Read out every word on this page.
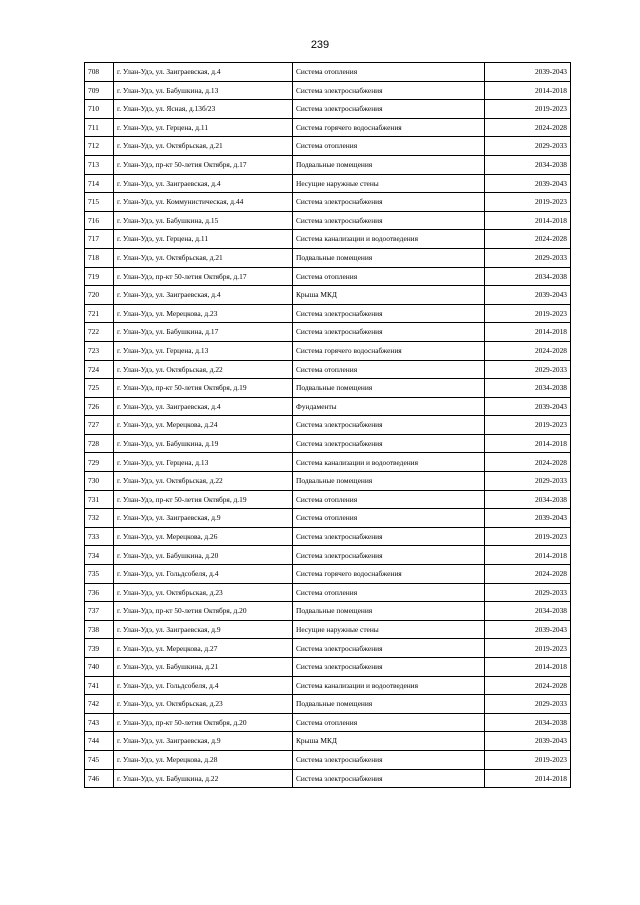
239
708	г. Улан-Удэ, ул. Заиграевская, д.4	Система отопления	2039-2043
709	г. Улан-Удэ, ул. Бабушкина, д.13	Система электроснабжения	2014-2018
710	г. Улан-Удэ, ул. Ясная, д.13б/23	Система электроснабжения	2019-2023
711	г. Улан-Удэ, ул. Герцена, д.11	Система горячего водоснабжения	2024-2028
712	г. Улан-Удэ, ул. Октябрьская, д.21	Система отопления	2029-2033
713	г. Улан-Удэ, пр-кт 50-летия Октября, д.17	Подвальные помещения	2034-2038
714	г. Улан-Удэ, ул. Заиграевская, д.4	Несущие наружные стены	2039-2043
715	г. Улан-Удэ, ул. Коммунистическая, д.44	Система электроснабжения	2019-2023
716	г. Улан-Удэ, ул. Бабушкина, д.15	Система электроснабжения	2014-2018
717	г. Улан-Удэ, ул. Герцена, д.11	Система канализации и водоотведения	2024-2028
718	г. Улан-Удэ, ул. Октябрьская, д.21	Подвальные помещения	2029-2033
719	г. Улан-Удэ, пр-кт 50-летия Октября, д.17	Система отопления	2034-2038
720	г. Улан-Удэ, ул. Заиграевская, д.4	Крыша МКД	2039-2043
721	г. Улан-Удэ, ул. Мерецкова, д.23	Система электроснабжения	2019-2023
722	г. Улан-Удэ, ул. Бабушкина, д.17	Система электроснабжения	2014-2018
723	г. Улан-Удэ, ул. Герцена, д.13	Система горячего водоснабжения	2024-2028
724	г. Улан-Удэ, ул. Октябрьская, д.22	Система отопления	2029-2033
725	г. Улан-Удэ, пр-кт 50-летия Октября, д.19	Подвальные помещения	2034-2038
726	г. Улан-Удэ, ул. Заиграевская, д.4	Фундаменты	2039-2043
727	г. Улан-Удэ, ул. Мерецкова, д.24	Система электроснабжения	2019-2023
728	г. Улан-Удэ, ул. Бабушкина, д.19	Система электроснабжения	2014-2018
729	г. Улан-Удэ, ул. Герцена, д.13	Система канализации и водоотведения	2024-2028
730	г. Улан-Удэ, ул. Октябрьская, д.22	Подвальные помещения	2029-2033
731	г. Улан-Удэ, пр-кт 50-летия Октября, д.19	Система отопления	2034-2038
732	г. Улан-Удэ, ул. Заиграевская, д.9	Система отопления	2039-2043
733	г. Улан-Удэ, ул. Мерецкова, д.26	Система электроснабжения	2019-2023
734	г. Улан-Удэ, ул. Бабушкина, д.20	Система электроснабжения	2014-2018
735	г. Улан-Удэ, ул. Гольдсобеля, д.4	Система горячего водоснабжения	2024-2028
736	г. Улан-Удэ, ул. Октябрьская, д.23	Система отопления	2029-2033
737	г. Улан-Удэ, пр-кт 50-летия Октября, д.20	Подвальные помещения	2034-2038
738	г. Улан-Удэ, ул. Заиграевская, д.9	Несущие наружные стены	2039-2043
739	г. Улан-Удэ, ул. Мерецкова, д.27	Система электроснабжения	2019-2023
740	г. Улан-Удэ, ул. Бабушкина, д.21	Система электроснабжения	2014-2018
741	г. Улан-Удэ, ул. Гольдсобеля, д.4	Система канализации и водоотведения	2024-2028
742	г. Улан-Удэ, ул. Октябрьская, д.23	Подвальные помещения	2029-2033
743	г. Улан-Удэ, пр-кт 50-летия Октября, д.20	Система отопления	2034-2038
744	г. Улан-Удэ, ул. Заиграевская, д.9	Крыша МКД	2039-2043
745	г. Улан-Удэ, ул. Мерецкова, д.28	Система электроснабжения	2019-2023
746	г. Улан-Удэ, ул. Бабушкина, д.22	Система электроснабжения	2014-2018
